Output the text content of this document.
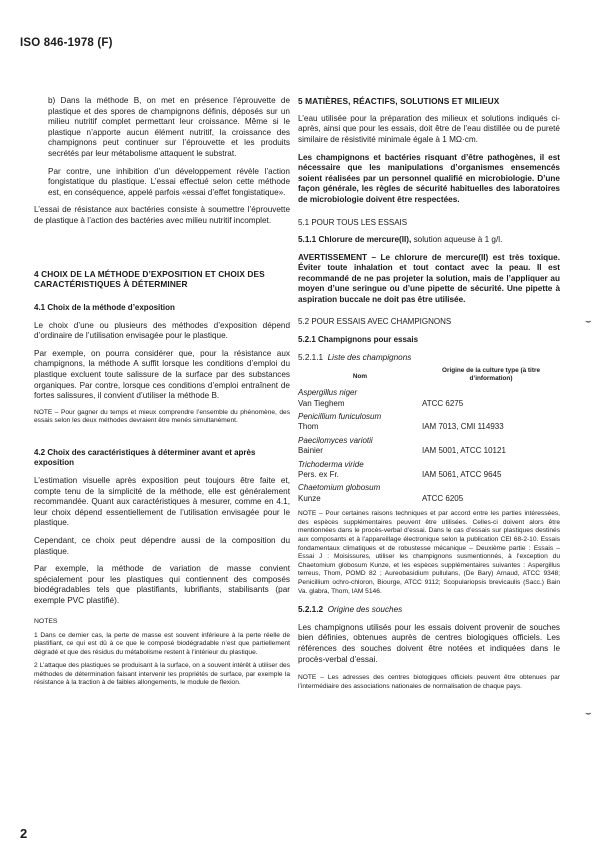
ISO 846-1978 (F)

b) Dans la méthode B, on met en présence l’éprouvette de plastique et des spores de champignons définis, déposés sur un milieu nutritif complet permettant leur croissance. Même si le plastique n’apporte aucun élément nutritif, la croissance des champignons peut continuer sur l’éprouvette et les produits secrétés par leur métabolisme attaquent le substrat.

Par contre, une inhibition d’un développement révèle l’action fongistatique du plastique. L’essai effectué selon cette méthode est, en conséquence, appelé parfois «essai d’effet fongistatique».

L’essai de résistance aux bactéries consiste à soumettre l’éprouvette de plastique à l’action des bactéries avec milieu nutritif incomplet.

4 CHOIX DE LA MÉTHODE D’EXPOSITION ET CHOIX DES CARACTÉRISTIQUES À DÉTERMINER
4.1 Choix de la méthode d’exposition

Le choix d’une ou plusieurs des méthodes d’exposition dépend d’ordinaire de l’utilisation envisagée pour le plastique.

Par exemple, on pourra considérer que, pour la résistance aux champignons, la méthode A suffit lorsque les conditions d’emploi du plastique excluent toute salissure de la surface par des substances organiques. Par contre, lorsque ces conditions d’emploi entraînent de fortes salissures, il convient d’utiliser la méthode B.

NOTE – Pour gagner du temps et mieux comprendre l’ensemble du phénomène, des essais selon les deux méthodes devraient être menés simultanément.

4.2 Choix des caractéristiques à déterminer avant et après exposition

L’estimation visuelle après exposition peut toujours être faite et, compte tenu de la simplicité de la méthode, elle est généralement recommandée. Quant aux caractéristiques à mesurer, comme en 4.1, leur choix dépend essentiellement de l’utilisation envisagée pour le plastique.

Cependant, ce choix peut dépendre aussi de la composition du plastique.

Par exemple, la méthode de variation de masse convient spécialement pour les plastiques qui contiennent des composés biodégradables tels que plastifiants, lubrifiants, stabilisants (par exemple PVC plastifié).

NOTES

1 Dans ce dernier cas, la perte de masse est souvent inférieure à la perte réelle de plastifiant, ce qui est dû à ce que le composé biodégradable n’est que partiellement dégradé et que des résidus du métabolisme restent à l’intérieur du plastique.

2 L’attaque des plastiques se produisant à la surface, on a souvent intérêt à utiliser des méthodes de détermination faisant intervenir les propriétés de surface, par exemple la résistance à la traction à de faibles allongements, le module de flexion.

5 MATIÈRES, RÉACTIFS, SOLUTIONS ET MILIEUX

L’eau utilisée pour la préparation des milieux et solutions indiqués ci-après, ainsi que pour les essais, doit être de l’eau distillée ou de pureté similaire de résistivité minimale égale à 1 MΩ·cm.

Les champignons et bactéries risquant d’être pathogènes, il est nécessaire que les manipulations d’organismes ensemencés soient réalisées par un personnel qualifié en microbiologie. D’une façon générale, les règles de sécurité habituelles des laboratoires de microbiologie doivent être respectées.

5.1 POUR TOUS LES ESSAIS

5.1.1 Chlorure de mercure(II), solution aqueuse à 1 g/l.

AVERTISSEMENT – Le chlorure de mercure(II) est très toxique. Éviter toute inhalation et tout contact avec la peau. Il est recommandé de ne pas projeter la solution, mais de l’appliquer au moyen d’une seringue ou d’une pipette de sécurité. Une pipette à aspiration buccale ne doit pas être utilisée.

5.2 POUR ESSAIS AVEC CHAMPIGNONS
5.2.1 Champignons pour essais

5.2.1.1 Liste des champignons

Nom
Origine de la culture type (à titre d’information)
Aspergillus niger
Van Tieghem	ATCC 6275
Penicillium funiculosum
Thom	IAM 7013, CMI 114933
Paecilomyces variotii
Bainier	IAM 5001, ATCC 10121
Trichoderma viride
Pers. ex Fr.	IAM 5061, ATCC 9645
Chaetomium globosum
Kunze	ATCC 6205

NOTE – Pour certaines raisons techniques et par accord entre les parties intéressées, des espèces supplémentaires peuvent être utilisées. Celles-ci doivent alors être mentionnées dans le procès-verbal d’essai. Dans le cas d’essais sur plastiques destinés aux composants et à l’appareillage électronique selon la publication CEI 68-2-10. Essais fondamentaux climatiques et de robustesse mécanique – Deuxième partie : Essais – Essai J : Moisissures, utiliser les champignons susmentionnés, à l’exception du Chaetomium globosum Kunze, et les espèces supplémentaires suivantes : Aspergillus terreus, Thom, POMD 82 ; Aureobasidium pullulans, (De Bary) Arnaud, ATCC 9348; Penicillium ochro-chloron, Biourge, ATCC 9112; Scopulariopsis brevicaulis (Sacc.) Bain Va. glabra, Thom, IAM 5146.

5.2.1.2 Origine des souches

Les champignons utilisés pour les essais doivent provenir de souches bien définies, obtenues auprès de centres biologiques officiels. Les références des souches doivent être notées et indiquées dans le procès-verbal d’essai.

NOTE – Les adresses des centres biologiques officiels peuvent être obtenues par l’intermédiaire des associations nationales de normalisation de chaque pays.

⌣
⌣
2
